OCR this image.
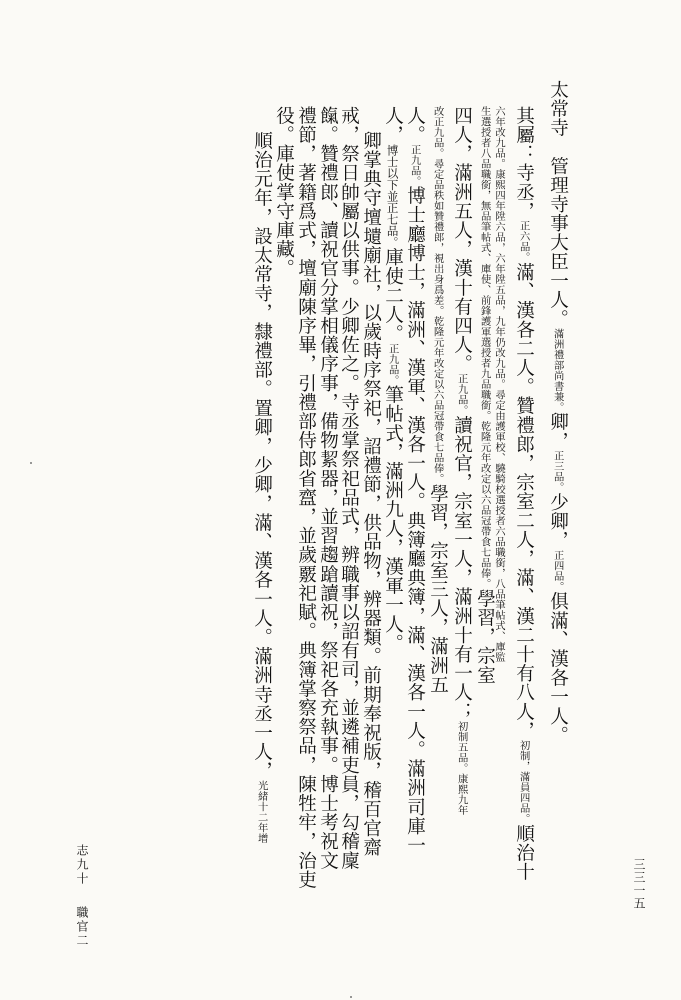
太常寺　管理寺事大臣一人。滿洲禮部尚書兼。卿，正三品。少卿，正四品。俱滿、漢各一人。
其屬：寺丞，正六品。滿、漢各二人。贊禮郎，宗室二人，滿、漢二十有八人，初制，滿員四品。順治十
六年改九品。康熙四年陞六品，六年陞五品，九年仍改九品。尋定由護軍校、驍騎校選授者六品職銜，八品筆帖式、庫監
生選授者八品職銜，無品筆帖式、庫使、前鋒護軍選授者九品職銜。乾隆元年改定以六品冠帶食七品俸。學習，宗室
四人，滿洲五人，漢十有四人。正九品。讀祝官，宗室一人，滿洲十有一人；初制五品。康熙九年
改正九品。尋定品秩如贊禮郎，視出身爲差。乾隆元年改定以六品冠帶食七品俸。學習，宗室三人，滿洲五
人。正九品。博士廳博士，滿洲、漢軍、漢各一人。典簿廳典簿，滿、漢各一人。滿洲司庫一
人，博士以下並正七品。庫使二人。正九品。筆帖式，滿洲九人，漢軍一人。
卿掌典守壇壝廟社，以歲時序祭祀，詔禮節，供品物，辨器類。前期奉祝版，稽百官齋
戒，祭日帥屬以供事。少卿佐之。寺丞掌祭祀品式，辨職事以詔有司，並遴補吏員，勾稽廩
餼。贊禮郎、讀祝官分掌相儀序事，備物絜器，並習趨蹌讀祝，祭祀各充執事。博士考祝文
禮節，著籍爲式，壇廟陳序畢，引禮部侍郎省齍，並歲覈祀賦。典簿掌察祭品，陳牲牢，治吏
役。庫使掌守庫藏。
順治元年，設太常寺，隸禮部。置卿，少卿，滿、漢各一人。滿洲寺丞一人，光緒十二年增
三三一五
志九十
職官二
